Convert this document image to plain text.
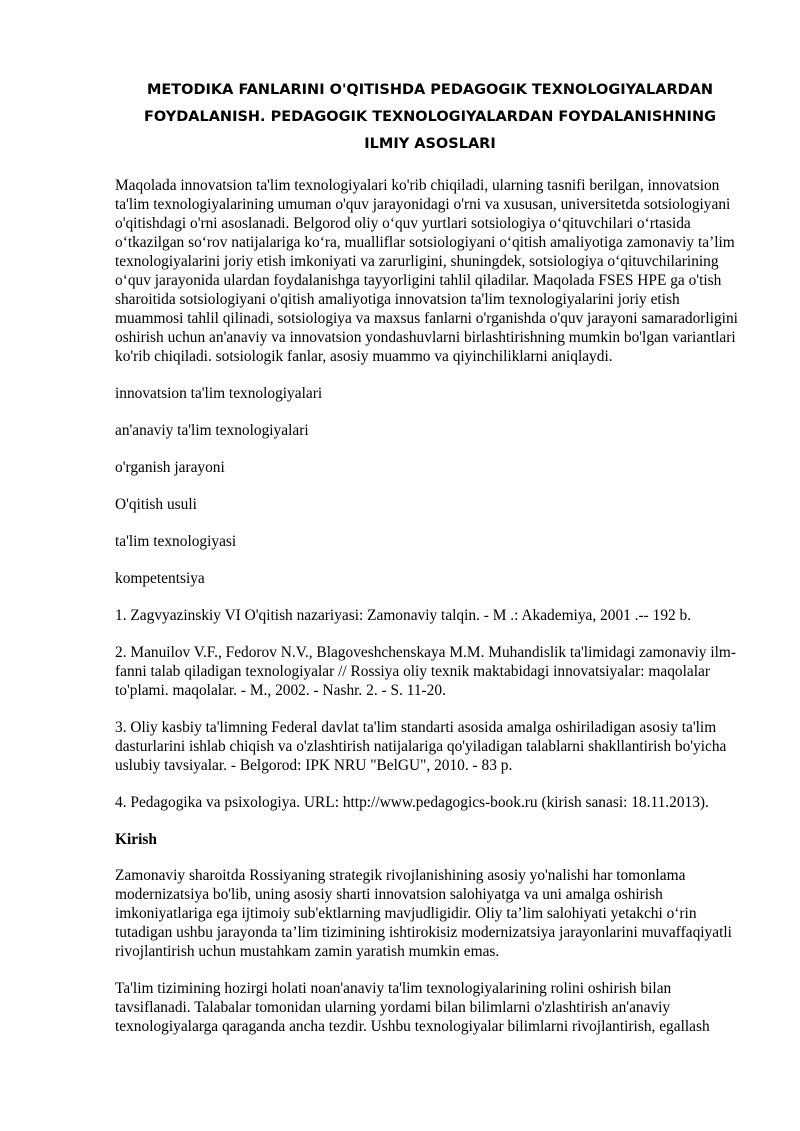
METODIKA FANLARINI O'QITISHDA PEDAGOGIK TEXNOLOGIYALARDAN FOYDALANISH. PEDAGOGIK TEXNOLOGIYALARDAN FOYDALANISHNING ILMIY ASOSLARI

Maqolada innovatsion ta'lim texnologiyalari ko'rib chiqiladi, ularning tasnifi berilgan, innovatsion ta'lim texnologiyalarining umuman o'quv jarayonidagi o'rni va xususan, universitetda sotsiologiyani o'qitishdagi o'rni asoslanadi. Belgorod oliy o‘quv yurtlari sotsiologiya o‘qituvchilari o‘rtasida o‘tkazilgan so‘rov natijalariga ko‘ra, mualliflar sotsiologiyani o‘qitish amaliyotiga zamonaviy ta’lim texnologiyalarini joriy etish imkoniyati va zarurligini, shuningdek, sotsiologiya o‘qituvchilarining o‘quv jarayonida ulardan foydalanishga tayyorligini tahlil qiladilar. Maqolada FSES HPE ga o'tish sharoitida sotsiologiyani o'qitish amaliyotiga innovatsion ta'lim texnologiyalarini joriy etish muammosi tahlil qilinadi, sotsiologiya va maxsus fanlarni o'rganishda o'quv jarayoni samaradorligini oshirish uchun an'anaviy va innovatsion yondashuvlarni birlashtirishning mumkin bo'lgan variantlari ko'rib chiqiladi. sotsiologik fanlar, asosiy muammo va qiyinchiliklarni aniqlaydi.

innovatsion ta'lim texnologiyalari

an'anaviy ta'lim texnologiyalari

o'rganish jarayoni

O'qitish usuli

ta'lim texnologiyasi

kompetentsiya

1. Zagvyazinskiy VI O'qitish nazariyasi: Zamonaviy talqin. - M .: Akademiya, 2001 .-- 192 b.

2. Manuilov V.F., Fedorov N.V., Blagoveshchenskaya M.M. Muhandislik ta'limidagi zamonaviy ilm-fanni talab qiladigan texnologiyalar // Rossiya oliy texnik maktabidagi innovatsiyalar: maqolalar to'plami. maqolalar. - M., 2002. - Nashr. 2. - S. 11-20.

3. Oliy kasbiy ta'limning Federal davlat ta'lim standarti asosida amalga oshiriladigan asosiy ta'lim dasturlarini ishlab chiqish va o'zlashtirish natijalariga qo'yiladigan talablarni shakllantirish bo'yicha uslubiy tavsiyalar. - Belgorod: IPK NRU "BelGU", 2010. - 83 p.

4. Pedagogika va psixologiya. URL: http://www.pedagogics-book.ru (kirish sanasi: 18.11.2013).

Kirish

Zamonaviy sharoitda Rossiyaning strategik rivojlanishining asosiy yo'nalishi har tomonlama modernizatsiya bo'lib, uning asosiy sharti innovatsion salohiyatga va uni amalga oshirish imkoniyatlariga ega ijtimoiy sub'ektlarning mavjudligidir. Oliy ta’lim salohiyati yetakchi o‘rin tutadigan ushbu jarayonda ta’lim tizimining ishtirokisiz modernizatsiya jarayonlarini muvaffaqiyatli rivojlantirish uchun mustahkam zamin yaratish mumkin emas.

Ta'lim tizimining hozirgi holati noan'anaviy ta'lim texnologiyalarining rolini oshirish bilan tavsiflanadi. Talabalar tomonidan ularning yordami bilan bilimlarni o'zlashtirish an'anaviy texnologiyalarga qaraganda ancha tezdir. Ushbu texnologiyalar bilimlarni rivojlantirish, egallash
